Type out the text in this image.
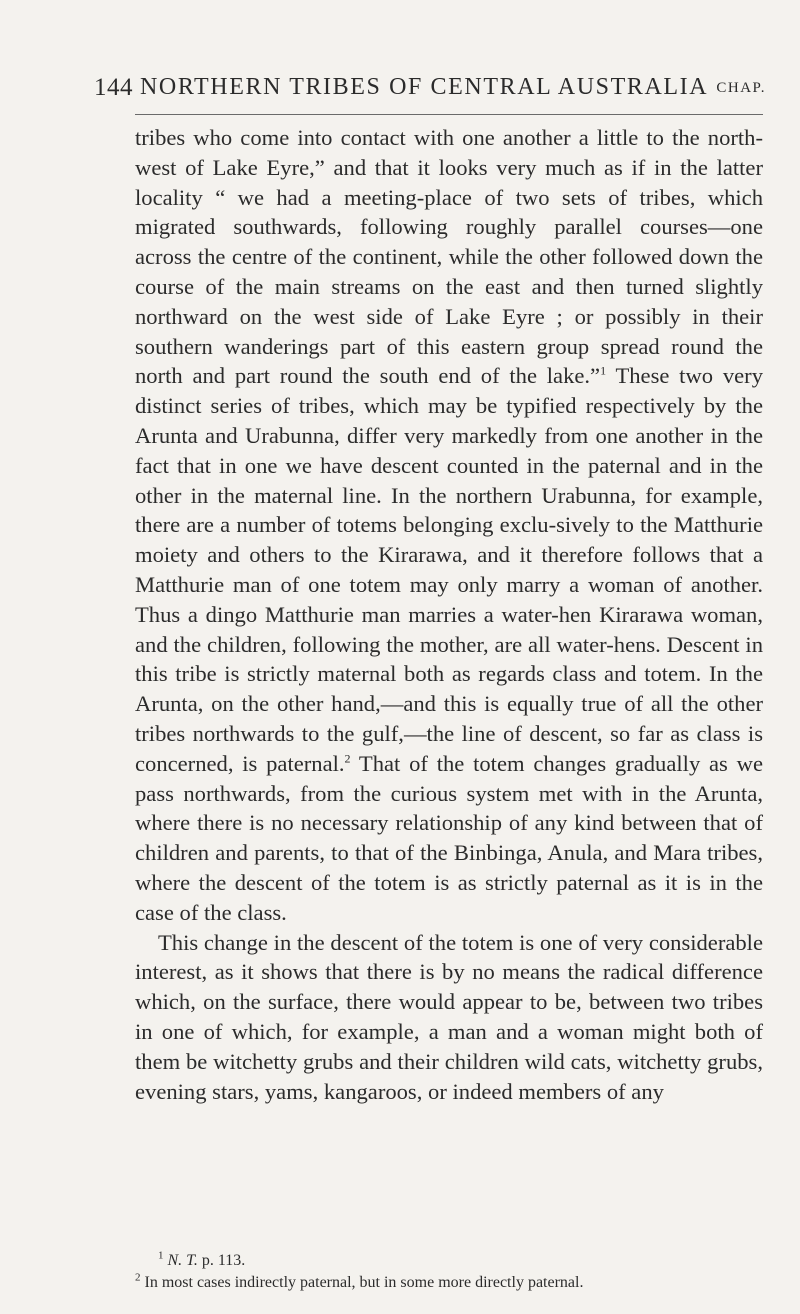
144 NORTHERN TRIBES OF CENTRAL AUSTRALIA CHAP.

tribes who come into contact with one another a little to the north-west of Lake Eyre,” and that it looks very much as if in the latter locality “ we had a meeting-place of two sets of tribes, which migrated southwards, following roughly parallel courses—one across the centre of the continent, while the other followed down the course of the main streams on the east and then turned slightly northward on the west side of Lake Eyre ; or possibly in their southern wanderings part of this eastern group spread round the north and part round the south end of the lake.”$^1$ These two very distinct series of tribes, which may be typified respectively by the Arunta and Urabunna, differ very markedly from one another in the fact that in one we have descent counted in the paternal and in the other in the maternal line. In the northern Urabunna, for example, there are a number of totems belonging exclu-sively to the Matthurie moiety and others to the Kirarawa, and it therefore follows that a Matthurie man of one totem may only marry a woman of another. Thus a dingo Matthurie man marries a water-hen Kirarawa woman, and the children, following the mother, are all water-hens. Descent in this tribe is strictly maternal both as regards class and totem. In the Arunta, on the other hand,—and this is equally true of all the other tribes northwards to the gulf,—the line of descent, so far as class is concerned, is paternal.$^2$ That of the totem changes gradually as we pass northwards, from the curious system met with in the Arunta, where there is no necessary relationship of any kind between that of children and parents, to that of the Binbinga, Anula, and Mara tribes, where the descent of the totem is as strictly paternal as it is in the case of the class.

This change in the descent of the totem is one of very considerable interest, as it shows that there is by no means the radical difference which, on the surface, there would appear to be, between two tribes in one of which, for example, a man and a woman might both of them be witchetty grubs and their children wild cats, witchetty grubs, evening stars, yams, kangaroos, or indeed members of any

$^1$ N. T. p. 113.

$^2$ In most cases indirectly paternal, but in some more directly paternal.
